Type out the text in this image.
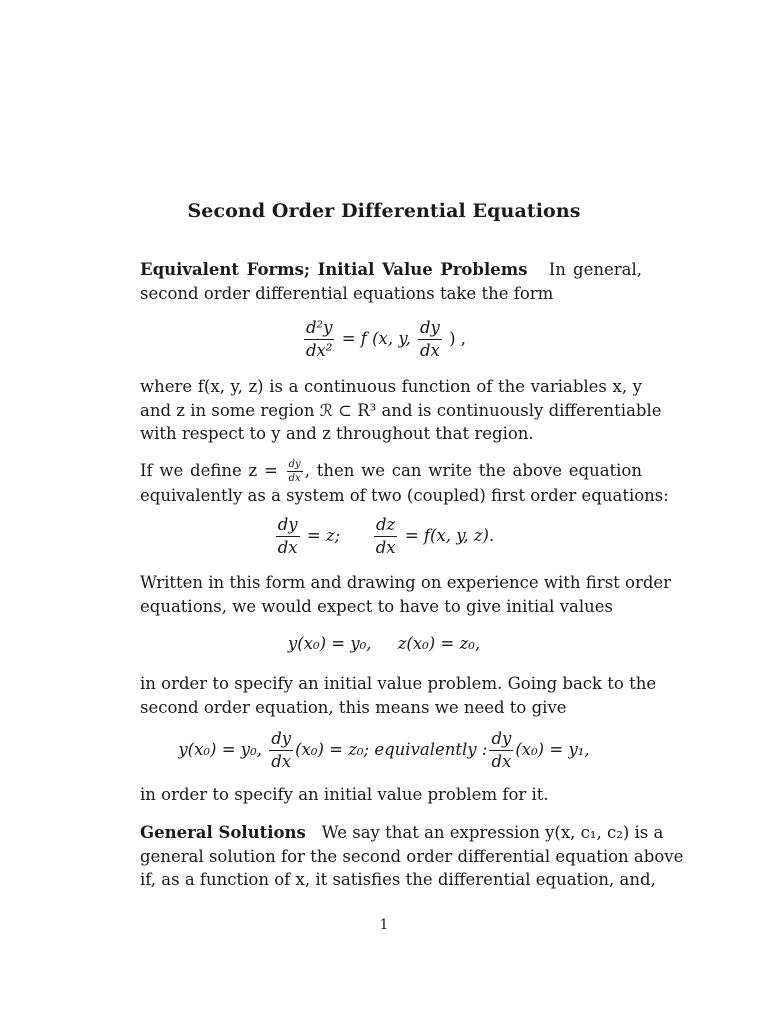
Second Order Differential Equations
Equivalent Forms; Initial Value Problems In general,
second order differential equations take the form
$\frac{\text{d²y}}{\text{dx²}} = f$ (x, y, $\frac{dy}{dx}$ ) ,
where f(x, y, z) is a continuous function of the variables x, y
and z in some region ℛ ⊂ R³ and is continuously differentiable
with respect to y and z throughout that region.
If we define $z = \frac{dy}{dx}$ , then we can write the above equation
equivalently as a system of two (coupled) first order equations:
$\frac{dy}{dx} = z$; $\frac{dz}{dx} = f(x$, y, z).
Written in this form and drawing on experience with first order
equations, we would expect to have to give initial values
y(x₀) = y₀,     z(x₀) = z₀,
in order to specify an initial value problem. Going back to the
second order equation, this means we need to give
y(x₀) = y₀, $\frac{dy}{dx} (x_0) = z_0$; equivalently : $\frac{dy}{dx} (x_0) = y_1$,
in order to specify an initial value problem for it.
General Solutions We say that an expression y(x, c₁, c₂) is a
general solution for the second order differential equation above
if, as a function of x, it satisfies the differential equation, and,
1
